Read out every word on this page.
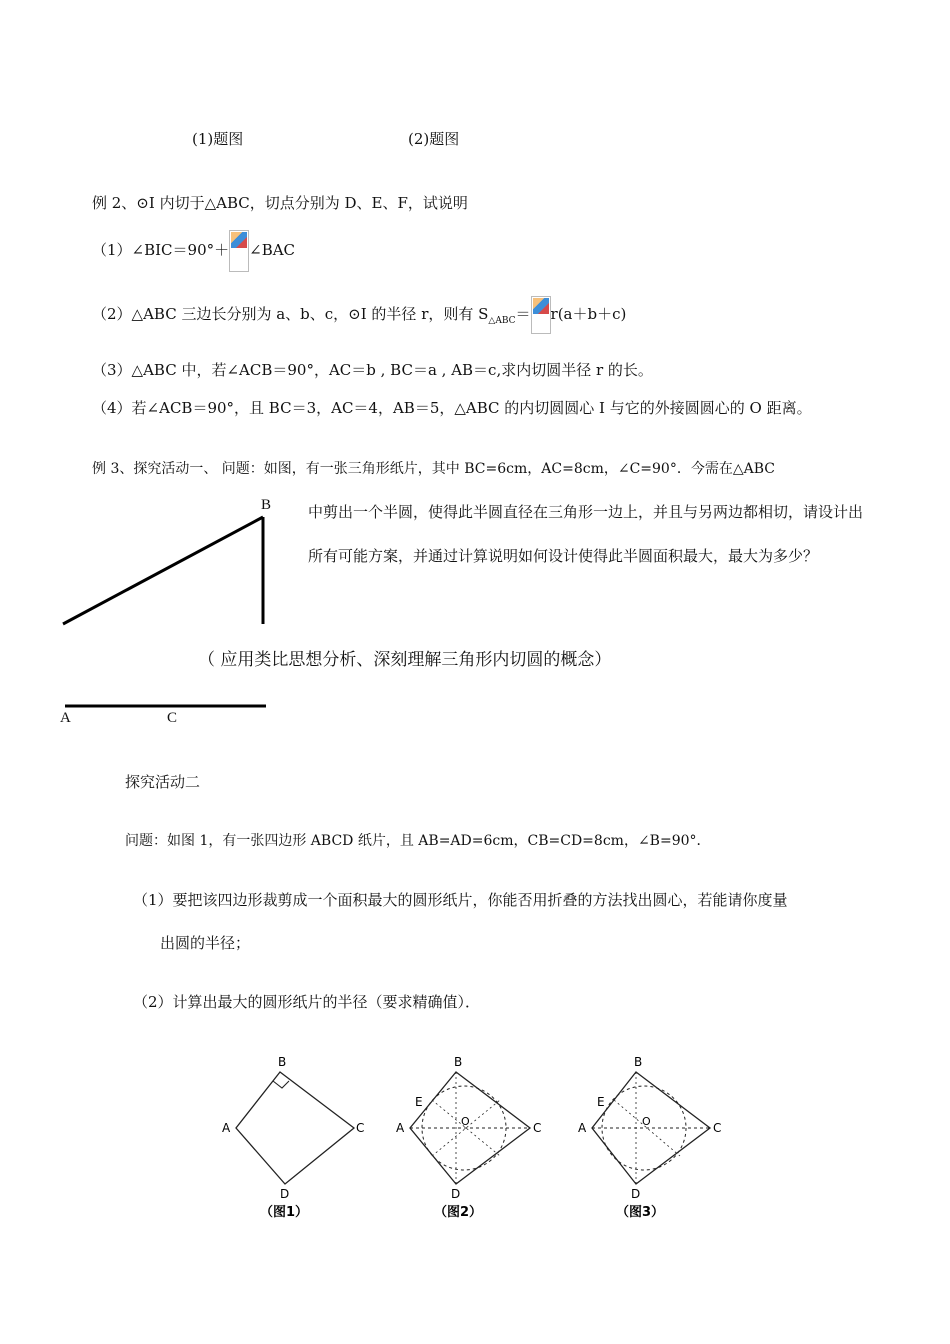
(1)题图	(2)题图
例 2、⊙I 内切于△ABC，切点分别为 D、E、F，试说明
（1）∠BIC＝90°＋ ∠BAC
（2）△ABC 三边长分别为 a、b、c，⊙I 的半径 r，则有 $S_{\triangle ABC}= r(a+b+c)$
（3）△ABC 中，若∠ACB＝90°，AC＝b , BC＝a , AB＝c,求内切圆半径 r 的长。
（4）若∠ACB＝90°，且 BC＝3，AC＝4，AB＝5，△ABC 的内切圆圆心 I 与它的外接圆圆心的 O 距离。
例 3、探究活动一、 问题：如图，有一张三角形纸片，其中 BC=6cm，AC=8cm，∠C=90°．今需在△ABC
中剪出一个半圆，使得此半圆直径在三角形一边上，并且与另两边都相切，请设计出所有可能方案，并通过计算说明如何设计使得此半圆面积最大，最大为多少？
B
A	C
（ 应用类比思想分析、深刻理解三角形内切圆的概念）
探究活动二
问题：如图 1，有一张四边形 ABCD 纸片，且 AB=AD=6cm，CB=CD=8cm，∠B=90°．
（1）要把该四边形裁剪成一个面积最大的圆形纸片，你能否用折叠的方法找出圆心，若能请你度量
出圆的半径；
（2）计算出最大的圆形纸片的半径（要求精确值）．
B
A	C
D
（图1）
B
A	C
D
E
O
（图2）
B
A	C
D
E
O
（图3）
